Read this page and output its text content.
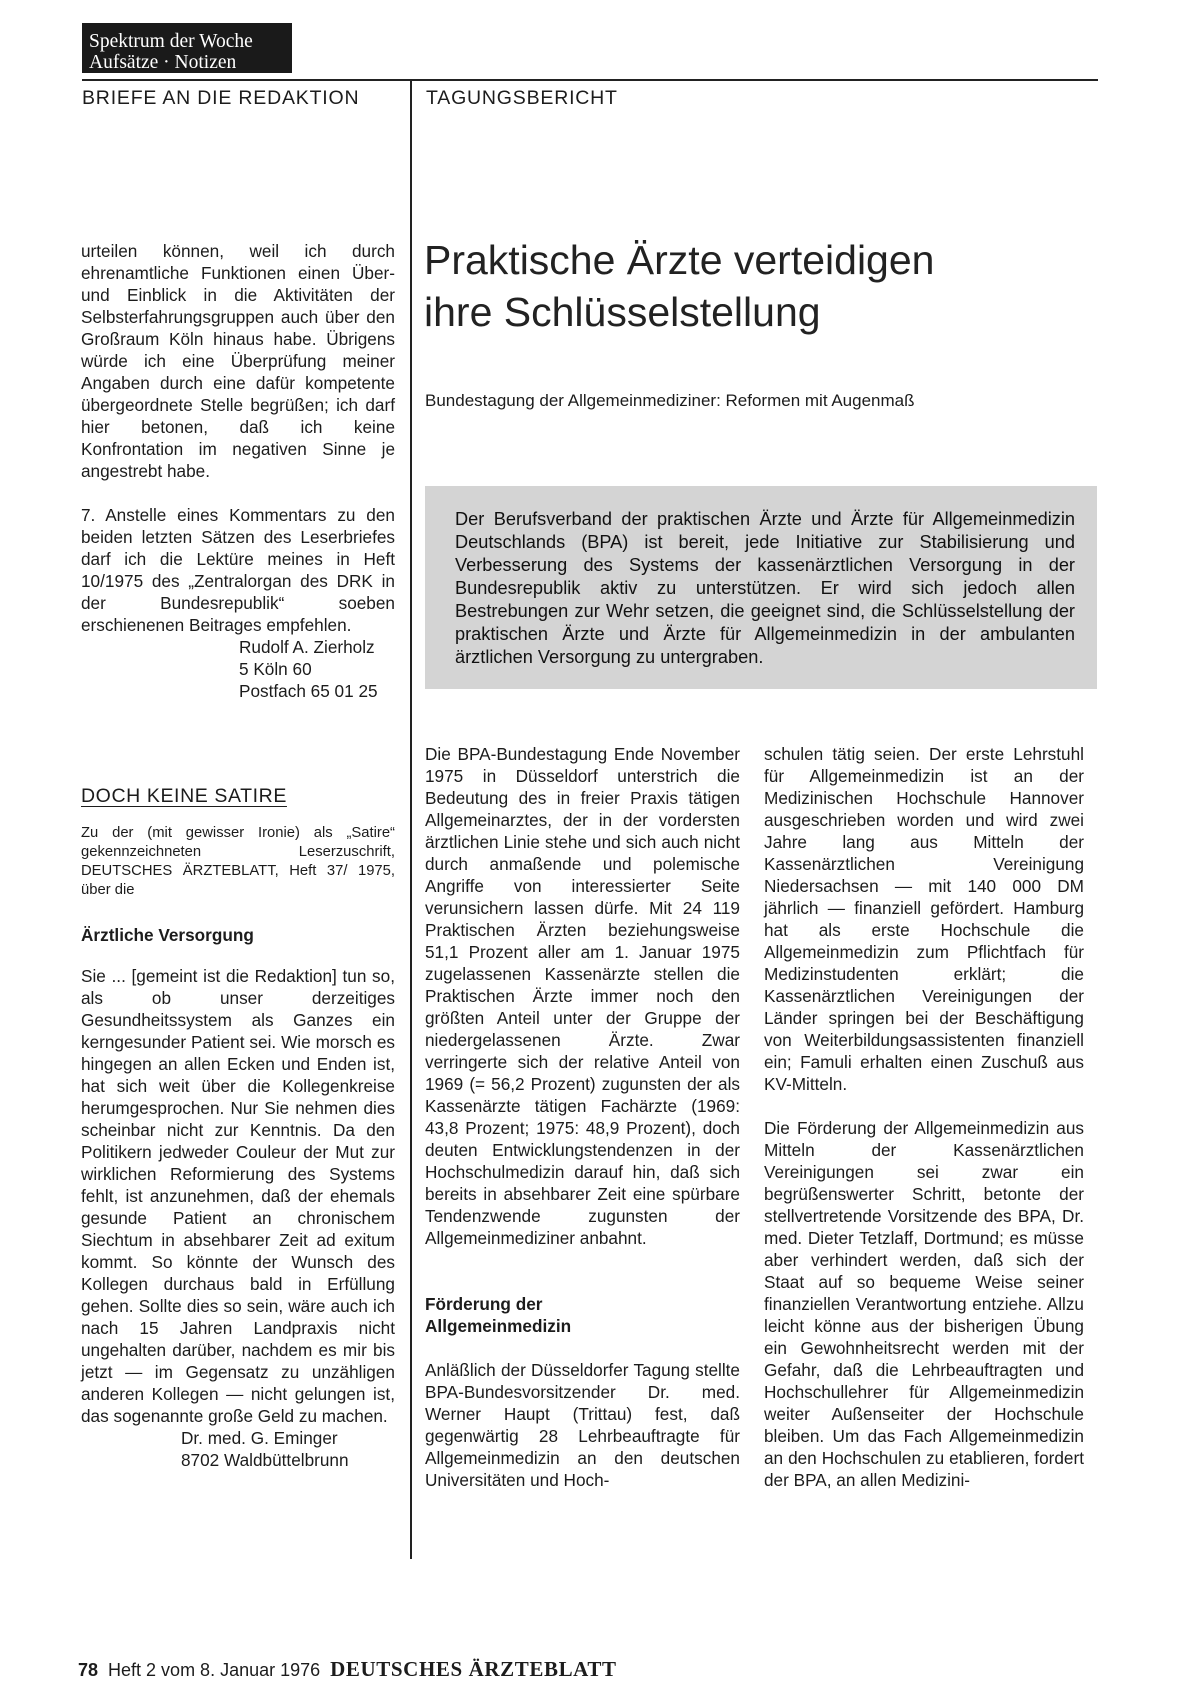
Spektrum der Woche
Aufsätze · Notizen
BRIEFE AN DIE REDAKTION	TAGUNGSBERICHT

urteilen können, weil ich durch ehrenamtliche Funktionen einen Über- und Einblick in die Aktivitäten der Selbsterfahrungsgruppen auch über den Großraum Köln hinaus habe. Übrigens würde ich eine Überprüfung meiner Angaben durch eine dafür kompetente übergeordnete Stelle begrüßen; ich darf hier betonen, daß ich keine Konfrontation im negativen Sinne je angestrebt habe.

7. Anstelle eines Kommentars zu den beiden letzten Sätzen des Leserbriefes darf ich die Lektüre meines in Heft 10/1975 des „Zentralorgan des DRK in der Bundesrepublik“ soeben erschienenen Beitrages empfehlen.

Rudolf A. Zierholz
5 Köln 60
Postfach 65 01 25
DOCH KEINE SATIRE
Zu der (mit gewisser Ironie) als „Satire“ gekennzeichneten Leserzuschrift, DEUTSCHES ÄRZTEBLATT, Heft 37/ 1975, über die
Ärztliche Versorgung

Sie ... [gemeint ist die Redaktion] tun so, als ob unser derzeitiges Gesundheitssystem als Ganzes ein kerngesunder Patient sei. Wie morsch es hingegen an allen Ecken und Enden ist, hat sich weit über die Kollegenkreise herumgesprochen. Nur Sie nehmen dies scheinbar nicht zur Kenntnis. Da den Politikern jedweder Couleur der Mut zur wirklichen Reformierung des Systems fehlt, ist anzunehmen, daß der ehemals gesunde Patient an chronischem Siechtum in absehbarer Zeit ad exitum kommt. So könnte der Wunsch des Kollegen durchaus bald in Erfüllung gehen. Sollte dies so sein, wäre auch ich nach 15 Jahren Landpraxis nicht ungehalten darüber, nachdem es mir bis jetzt — im Gegensatz zu unzähligen anderen Kollegen — nicht gelungen ist, das sogenannte große Geld zu machen.

Dr. med. G. Eminger
8702 Waldbüttelbrunn
Praktische Ärzte verteidigen
ihre Schlüsselstellung
Bundestagung der Allgemeinmediziner: Reformen mit Augenmaß
Der Berufsverband der praktischen Ärzte und Ärzte für Allgemeinmedizin Deutschlands (BPA) ist bereit, jede Initiative zur Stabilisierung und Verbesserung des Systems der kassenärztlichen Versorgung in der Bundesrepublik aktiv zu unterstützen. Er wird sich jedoch allen Bestrebungen zur Wehr setzen, die geeignet sind, die Schlüsselstellung der praktischen Ärzte und Ärzte für Allgemeinmedizin in der ambulanten ärztlichen Versorgung zu untergraben.

Die BPA-Bundestagung Ende November 1975 in Düsseldorf unterstrich die Bedeutung des in freier Praxis tätigen Allgemeinarztes, der in der vordersten ärztlichen Linie stehe und sich auch nicht durch anmaßende und polemische Angriffe von interessierter Seite verunsichern lassen dürfe. Mit 24 119 Praktischen Ärzten beziehungsweise 51,1 Prozent aller am 1. Januar 1975 zugelassenen Kassenärzte stellen die Praktischen Ärzte immer noch den größten Anteil unter der Gruppe der niedergelassenen Ärzte. Zwar verringerte sich der relative Anteil von 1969 (= 56,2 Prozent) zugunsten der als Kassenärzte tätigen Fachärzte (1969: 43,8 Prozent; 1975: 48,9 Prozent), doch deuten Entwicklungstendenzen in der Hochschulmedizin darauf hin, daß sich bereits in absehbarer Zeit eine spürbare Tendenzwende zugunsten der Allgemeinmediziner anbahnt.

Förderung der
Allgemeinmedizin

Anläßlich der Düsseldorfer Tagung stellte BPA-Bundesvorsitzender Dr. med. Werner Haupt (Trittau) fest, daß gegenwärtig 28 Lehrbeauftragte für Allgemeinmedizin an den deutschen Universitäten und Hoch-

schulen tätig seien. Der erste Lehrstuhl für Allgemeinmedizin ist an der Medizinischen Hochschule Hannover ausgeschrieben worden und wird zwei Jahre lang aus Mitteln der Kassenärztlichen Vereinigung Niedersachsen — mit 140 000 DM jährlich — finanziell gefördert. Hamburg hat als erste Hochschule die Allgemeinmedizin zum Pflichtfach für Medizinstudenten erklärt; die Kassenärztlichen Vereinigungen der Länder springen bei der Beschäftigung von Weiterbildungsassistenten finanziell ein; Famuli erhalten einen Zuschuß aus KV-Mitteln.

Die Förderung der Allgemeinmedizin aus Mitteln der Kassenärztlichen Vereinigungen sei zwar ein begrüßenswerter Schritt, betonte der stellvertretende Vorsitzende des BPA, Dr. med. Dieter Tetzlaff, Dortmund; es müsse aber verhindert werden, daß sich der Staat auf so bequeme Weise seiner finanziellen Verantwortung entziehe. Allzu leicht könne aus der bisherigen Übung ein Gewohnheitsrecht werden mit der Gefahr, daß die Lehrbeauftragten und Hochschullehrer für Allgemeinmedizin weiter Außenseiter der Hochschule bleiben. Um das Fach Allgemeinmedizin an den Hochschulen zu etablieren, fordert der BPA, an allen Medizini-

78 Heft 2 vom 8. Januar 1976 DEUTSCHES ÄRZTEBLATT
